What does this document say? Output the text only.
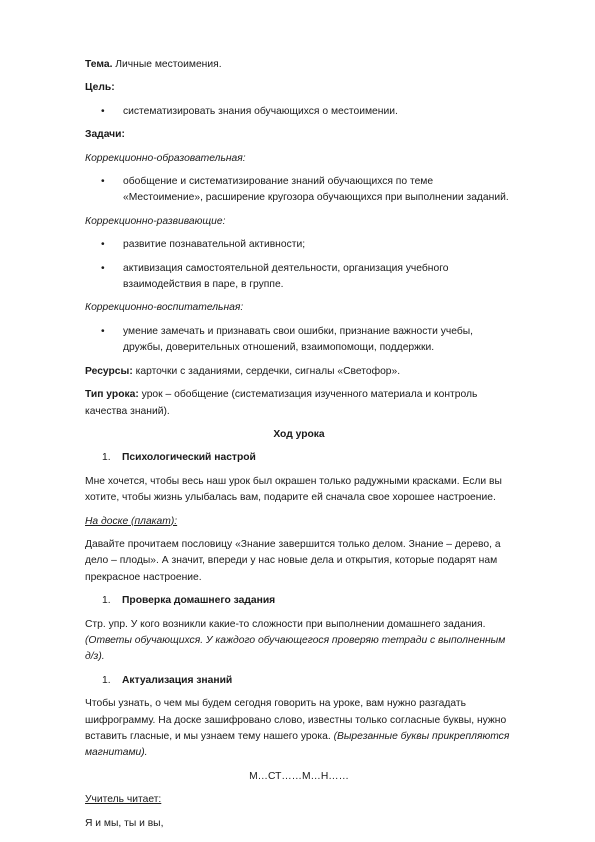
Тема. Личные местоимения.

Цель:

• систематизировать знания обучающихся о местоимении.

Задачи:

Коррекционно-образовательная:

• обобщение и систематизирование знаний обучающихся по теме «Местоимение», расширение кругозора обучающихся при выполнении заданий.

Коррекционно-развивающие:

• развитие познавательной активности;
• активизация самостоятельной деятельности, организация учебного взаимодействия в паре, в группе.

Коррекционно-воспитательная:

• умение замечать и признавать свои ошибки, признание важности учебы, дружбы, доверительных отношений, взаимопомощи, поддержки.

Ресурсы: карточки с заданиями, сердечки, сигналы «Светофор».

Тип урока: урок – обобщение (систематизация изученного материала и контроль качества знаний).

Ход урока

1. Психологический настрой

Мне хочется, чтобы весь наш урок был окрашен только радужными красками. Если вы хотите, чтобы жизнь улыбалась вам, подарите ей сначала свое хорошее настроение.

На доске (плакат):

Давайте прочитаем пословицу «Знание завершится только делом. Знание – дерево, а дело – плоды». А значит, впереди у нас новые дела и открытия, которые подарят нам прекрасное настроение.

1. Проверка домашнего задания

Стр. упр. У кого возникли какие-то сложности при выполнении домашнего задания. (Ответы обучающихся. У каждого обучающегося проверяю тетради с выполненным д/з).

1. Актуализация знаний

Чтобы узнать, о чем мы будем сегодня говорить на уроке, вам нужно разгадать шифрограмму. На доске зашифровано слово, известны только согласные буквы, нужно вставить гласные, и мы узнаем тему нашего урока. (Вырезанные буквы прикрепляются магнитами).

М…СТ……М…Н……

Учитель читает:

Я и мы, ты и вы,
